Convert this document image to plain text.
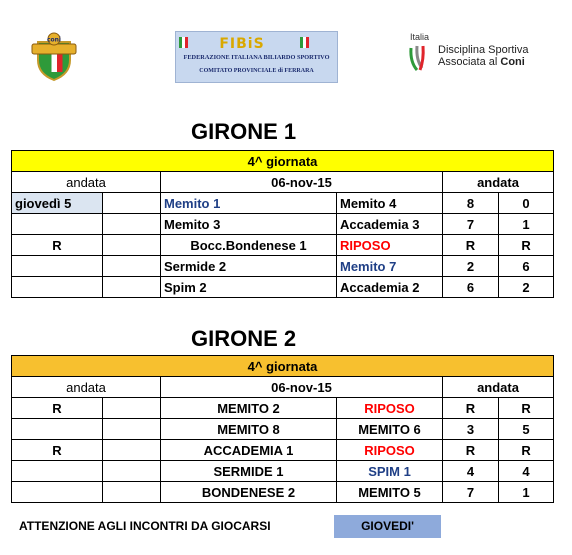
coni	FIBiS
FEDERAZIONE ITALIANA BILIARDO SPORTIVO
COMITATO PROVINCIALE di FERRARA
Italia
Disciplina Sportiva
Associata al Coni
GIRONE 1
4^ giornata					
andata		06-nov-15		andata	
giovedì 5		Memito 1	Memito 4	8	0
		Memito 3	Accademia 3	7	1
R		Bocc.Bondenese 1	RIPOSO	R	R
		Sermide 2	Memito 7	2	6
		Spim 2	Accademia 2	6	2
GIRONE 2
4^ giornata					
andata		06-nov-15		andata	
R		MEMITO 2	RIPOSO	R	R
		MEMITO 8	MEMITO 6	3	5
R		ACCADEMIA 1	RIPOSO	R	R
		SERMIDE 1	SPIM 1	4	4
		BONDENESE 2	MEMITO 5	7	1
ATTENZIONE AGLI INCONTRI DA GIOCARSI	GIOVEDI'
